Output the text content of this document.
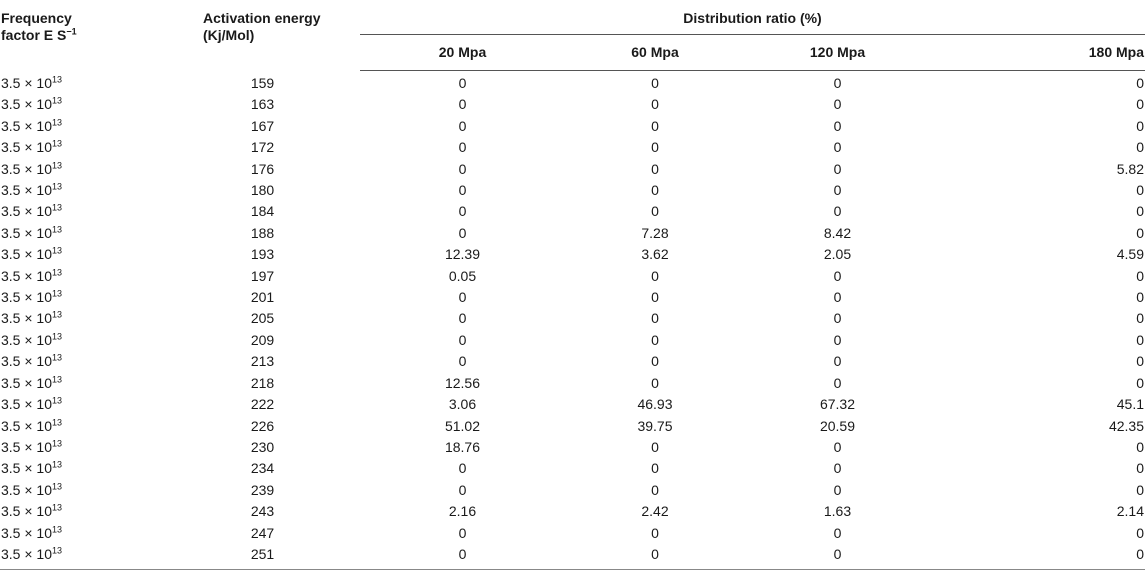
Frequency
factor E $S^{-1}$	Activation energy (Kj/Mol)	Distribution ratio (%)			
		20 Mpa	60 Mpa	120 Mpa	180 Mpa
$3.5 \times 10^{13}$	159	0	0	0	0
$3.5 \times 10^{13}$	163	0	0	0	0
$3.5 \times 10^{13}$	167	0	0	0	0
$3.5 \times 10^{13}$	172	0	0	0	0
$3.5 \times 10^{13}$	176	0	0	0	5.82
$3.5 \times 10^{13}$	180	0	0	0	0
$3.5 \times 10^{13}$	184	0	0	0	0
$3.5 \times 10^{13}$	188	0	7.28	8.42	0
$3.5 \times 10^{13}$	193	12.39	3.62	2.05	4.59
$3.5 \times 10^{13}$	197	0.05	0	0	0
$3.5 \times 10^{13}$	201	0	0	0	0
$3.5 \times 10^{13}$	205	0	0	0	0
$3.5 \times 10^{13}$	209	0	0	0	0
$3.5 \times 10^{13}$	213	0	0	0	0
$3.5 \times 10^{13}$	218	12.56	0	0	0
$3.5 \times 10^{13}$	222	3.06	46.93	67.32	45.1
$3.5 \times 10^{13}$	226	51.02	39.75	20.59	42.35
$3.5 \times 10^{13}$	230	18.76	0	0	0
$3.5 \times 10^{13}$	234	0	0	0	0
$3.5 \times 10^{13}$	239	0	0	0	0
$3.5 \times 10^{13}$	243	2.16	2.42	1.63	2.14
$3.5 \times 10^{13}$	247	0	0	0	0
$3.5 \times 10^{13}$	251	0	0	0	0
